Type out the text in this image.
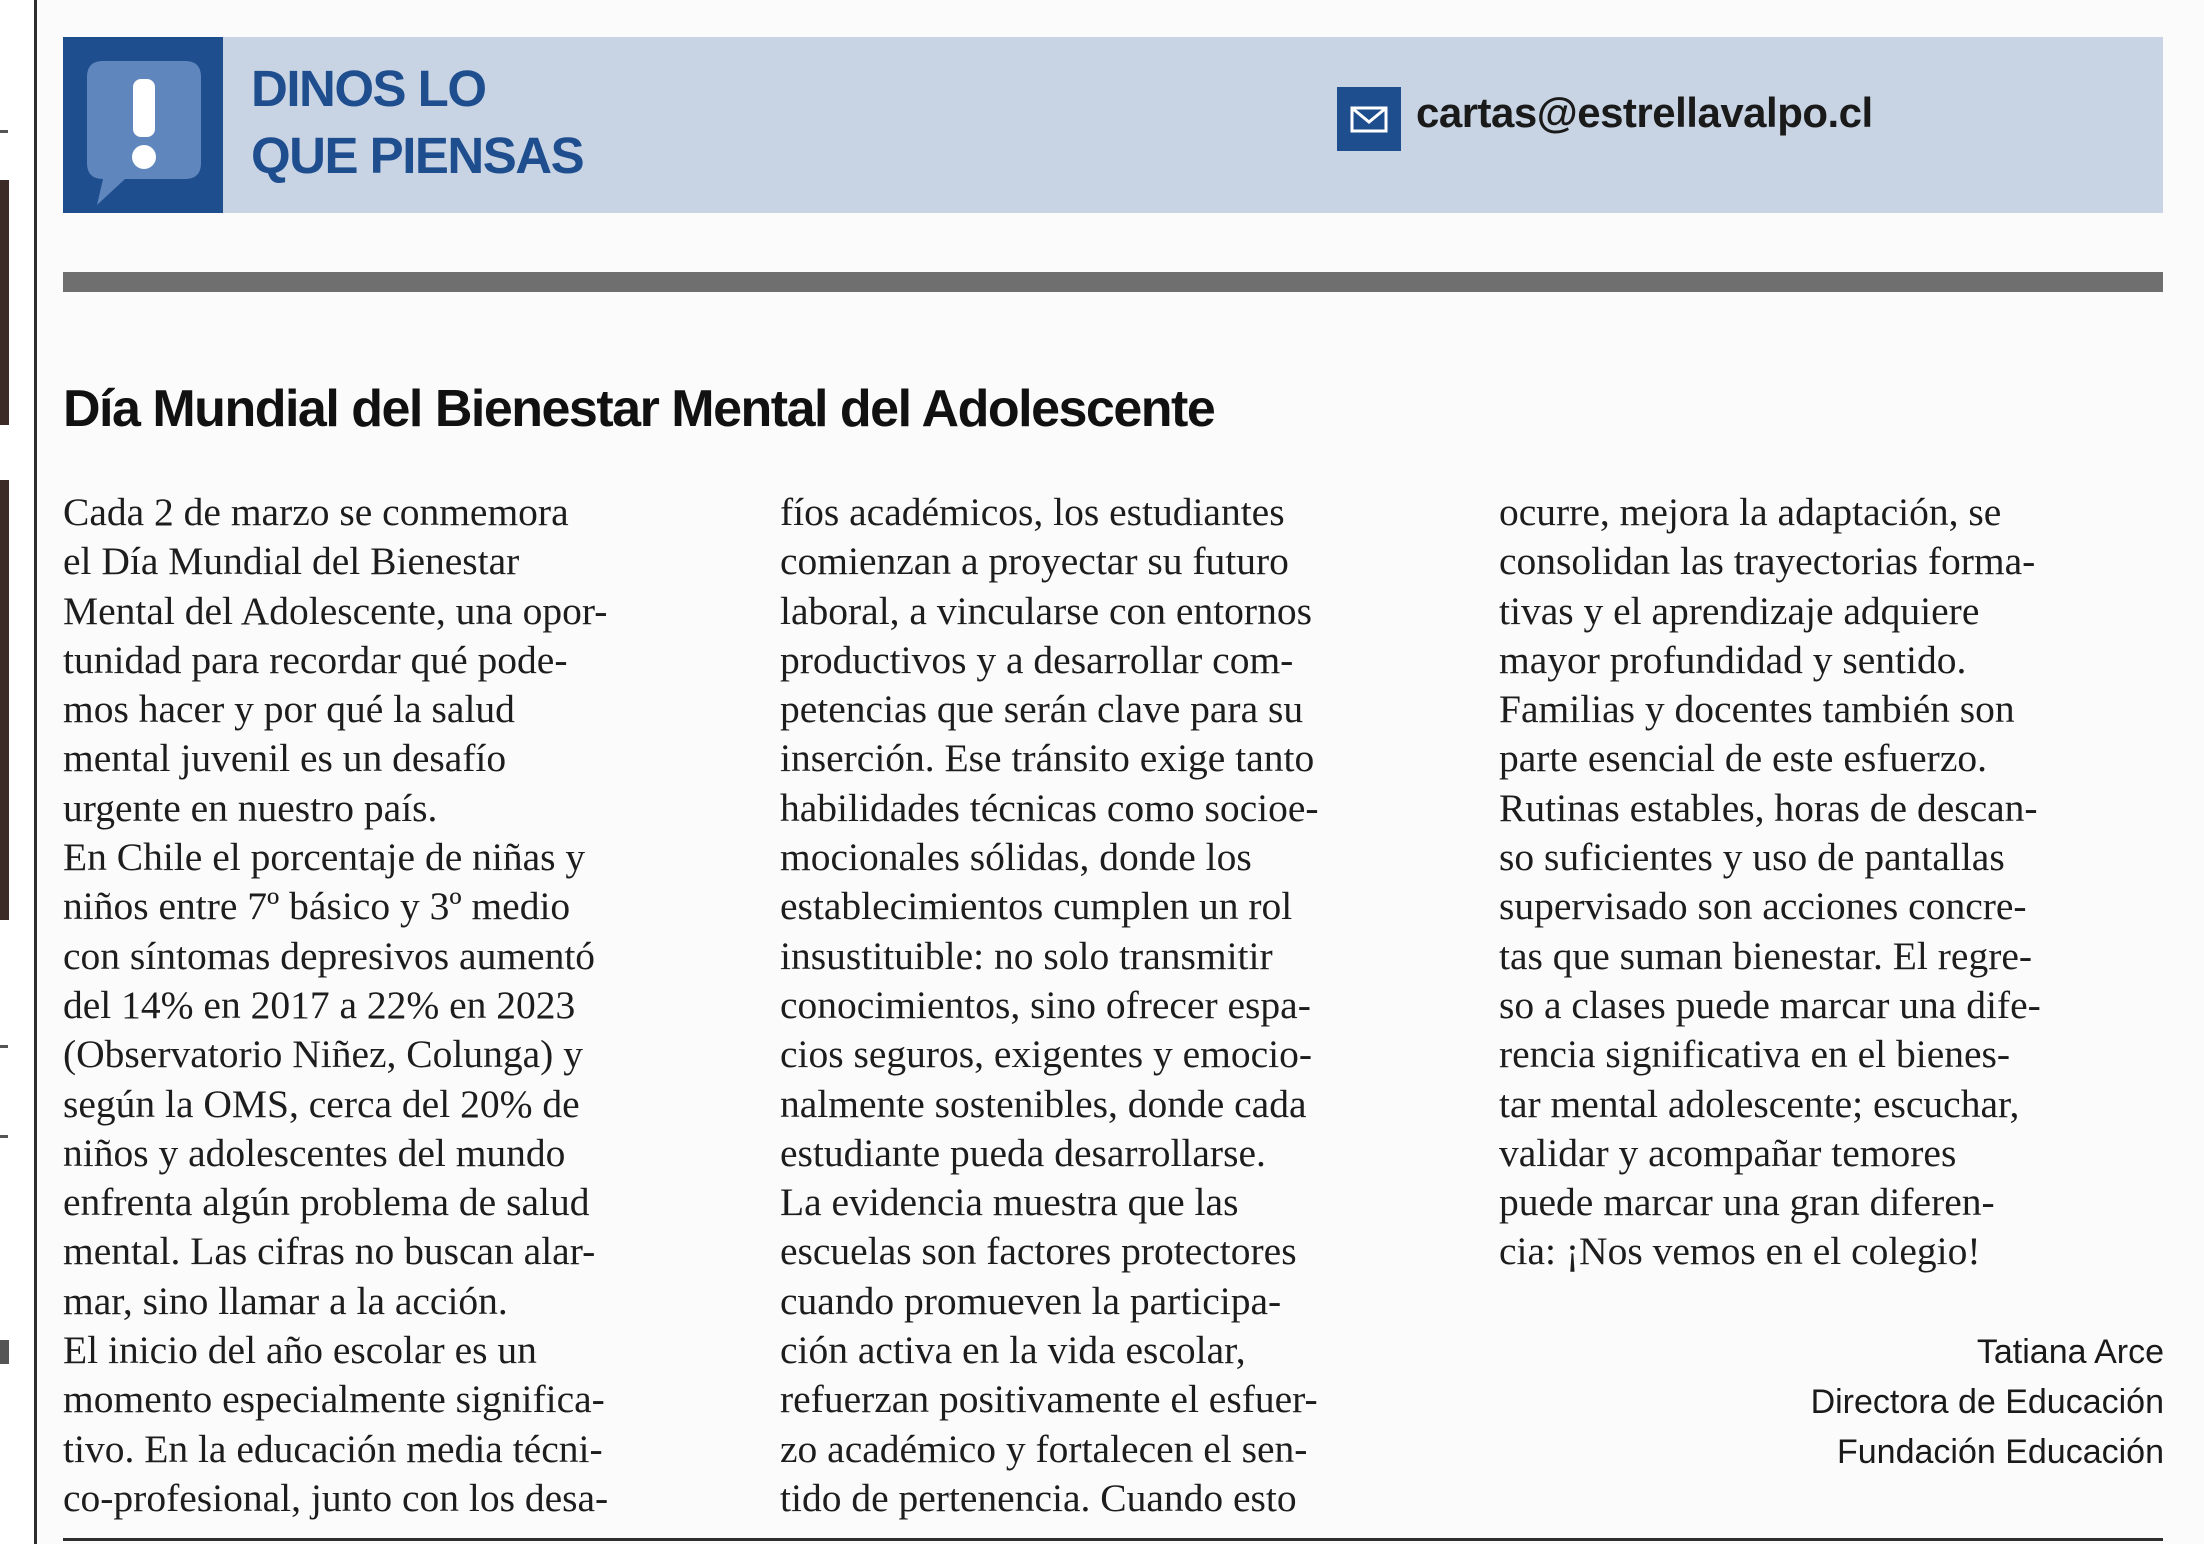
DINOS LO
QUE PIENSAS
cartas@estrellavalpo.cl
Día Mundial del Bienestar Mental del Adolescente
Cada 2 de marzo se conmemora
el Día Mundial del Bienestar
Mental del Adolescente, una opor-
tunidad para recordar qué pode-
mos hacer y por qué la salud
mental juvenil es un desafío
urgente en nuestro país.
En Chile el porcentaje de niñas y
niños entre 7º básico y 3º medio
con síntomas depresivos aumentó
del 14% en 2017 a 22% en 2023
(Observatorio Niñez, Colunga) y
según la OMS, cerca del 20% de
niños y adolescentes del mundo
enfrenta algún problema de salud
mental. Las cifras no buscan alar-
mar, sino llamar a la acción.
El inicio del año escolar es un
momento especialmente significa-
tivo. En la educación media técni-
co-profesional, junto con los desa-
fíos académicos, los estudiantes
comienzan a proyectar su futuro
laboral, a vincularse con entornos
productivos y a desarrollar com-
petencias que serán clave para su
inserción. Ese tránsito exige tanto
habilidades técnicas como socioe-
mocionales sólidas, donde los
establecimientos cumplen un rol
insustituible: no solo transmitir
conocimientos, sino ofrecer espa-
cios seguros, exigentes y emocio-
nalmente sostenibles, donde cada
estudiante pueda desarrollarse.
La evidencia muestra que las
escuelas son factores protectores
cuando promueven la participa-
ción activa en la vida escolar,
refuerzan positivamente el esfuer-
zo académico y fortalecen el sen-
tido de pertenencia. Cuando esto
ocurre, mejora la adaptación, se
consolidan las trayectorias forma-
tivas y el aprendizaje adquiere
mayor profundidad y sentido.
Familias y docentes también son
parte esencial de este esfuerzo.
Rutinas estables, horas de descan-
so suficientes y uso de pantallas
supervisado son acciones concre-
tas que suman bienestar. El regre-
so a clases puede marcar una dife-
rencia significativa en el bienes-
tar mental adolescente; escuchar,
validar y acompañar temores
puede marcar una gran diferen-
cia: ¡Nos vemos en el colegio!
Tatiana Arce
Directora de Educación
Fundación Educación
